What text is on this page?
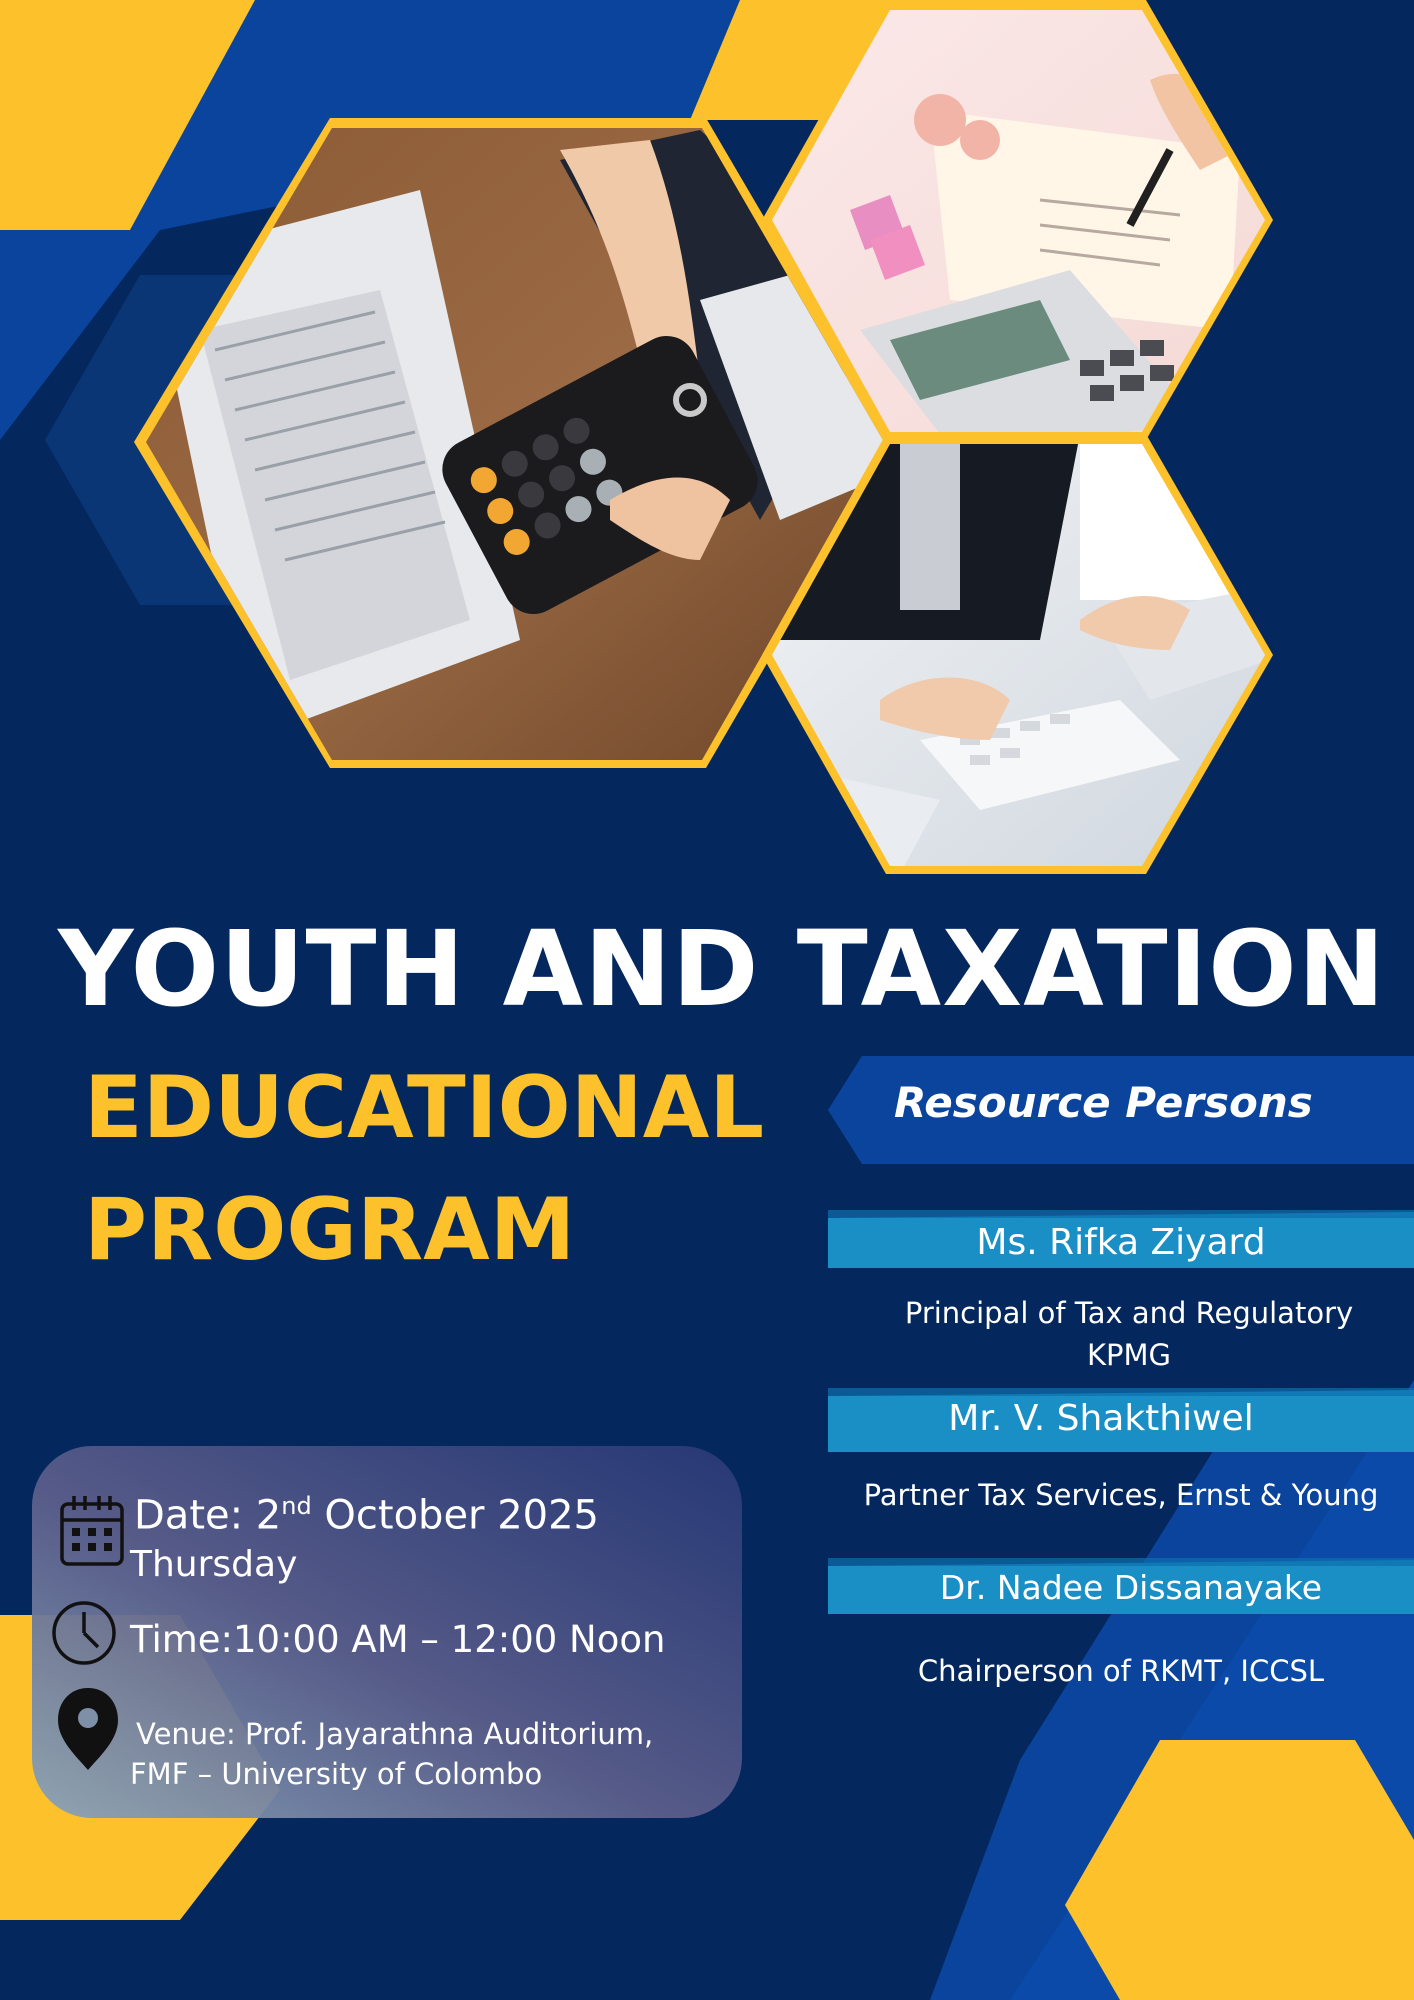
YOUTH AND TAXATION
EDUCATIONAL
PROGRAM

Resource Persons

Ms. Rifka Ziyard
Principal of Tax and Regulatory
KPMG
Mr. V. Shakthiwel
Partner Tax Services, Ernst & Young
Dr. Nadee Dissanayake
Chairperson of RKMT, ICCSL
Date: 2nd October 2025
Thursday
Time:10:00 AM – 12:00 Noon
Venue: Prof. Jayarathna Auditorium,
FMF – University of Colombo
